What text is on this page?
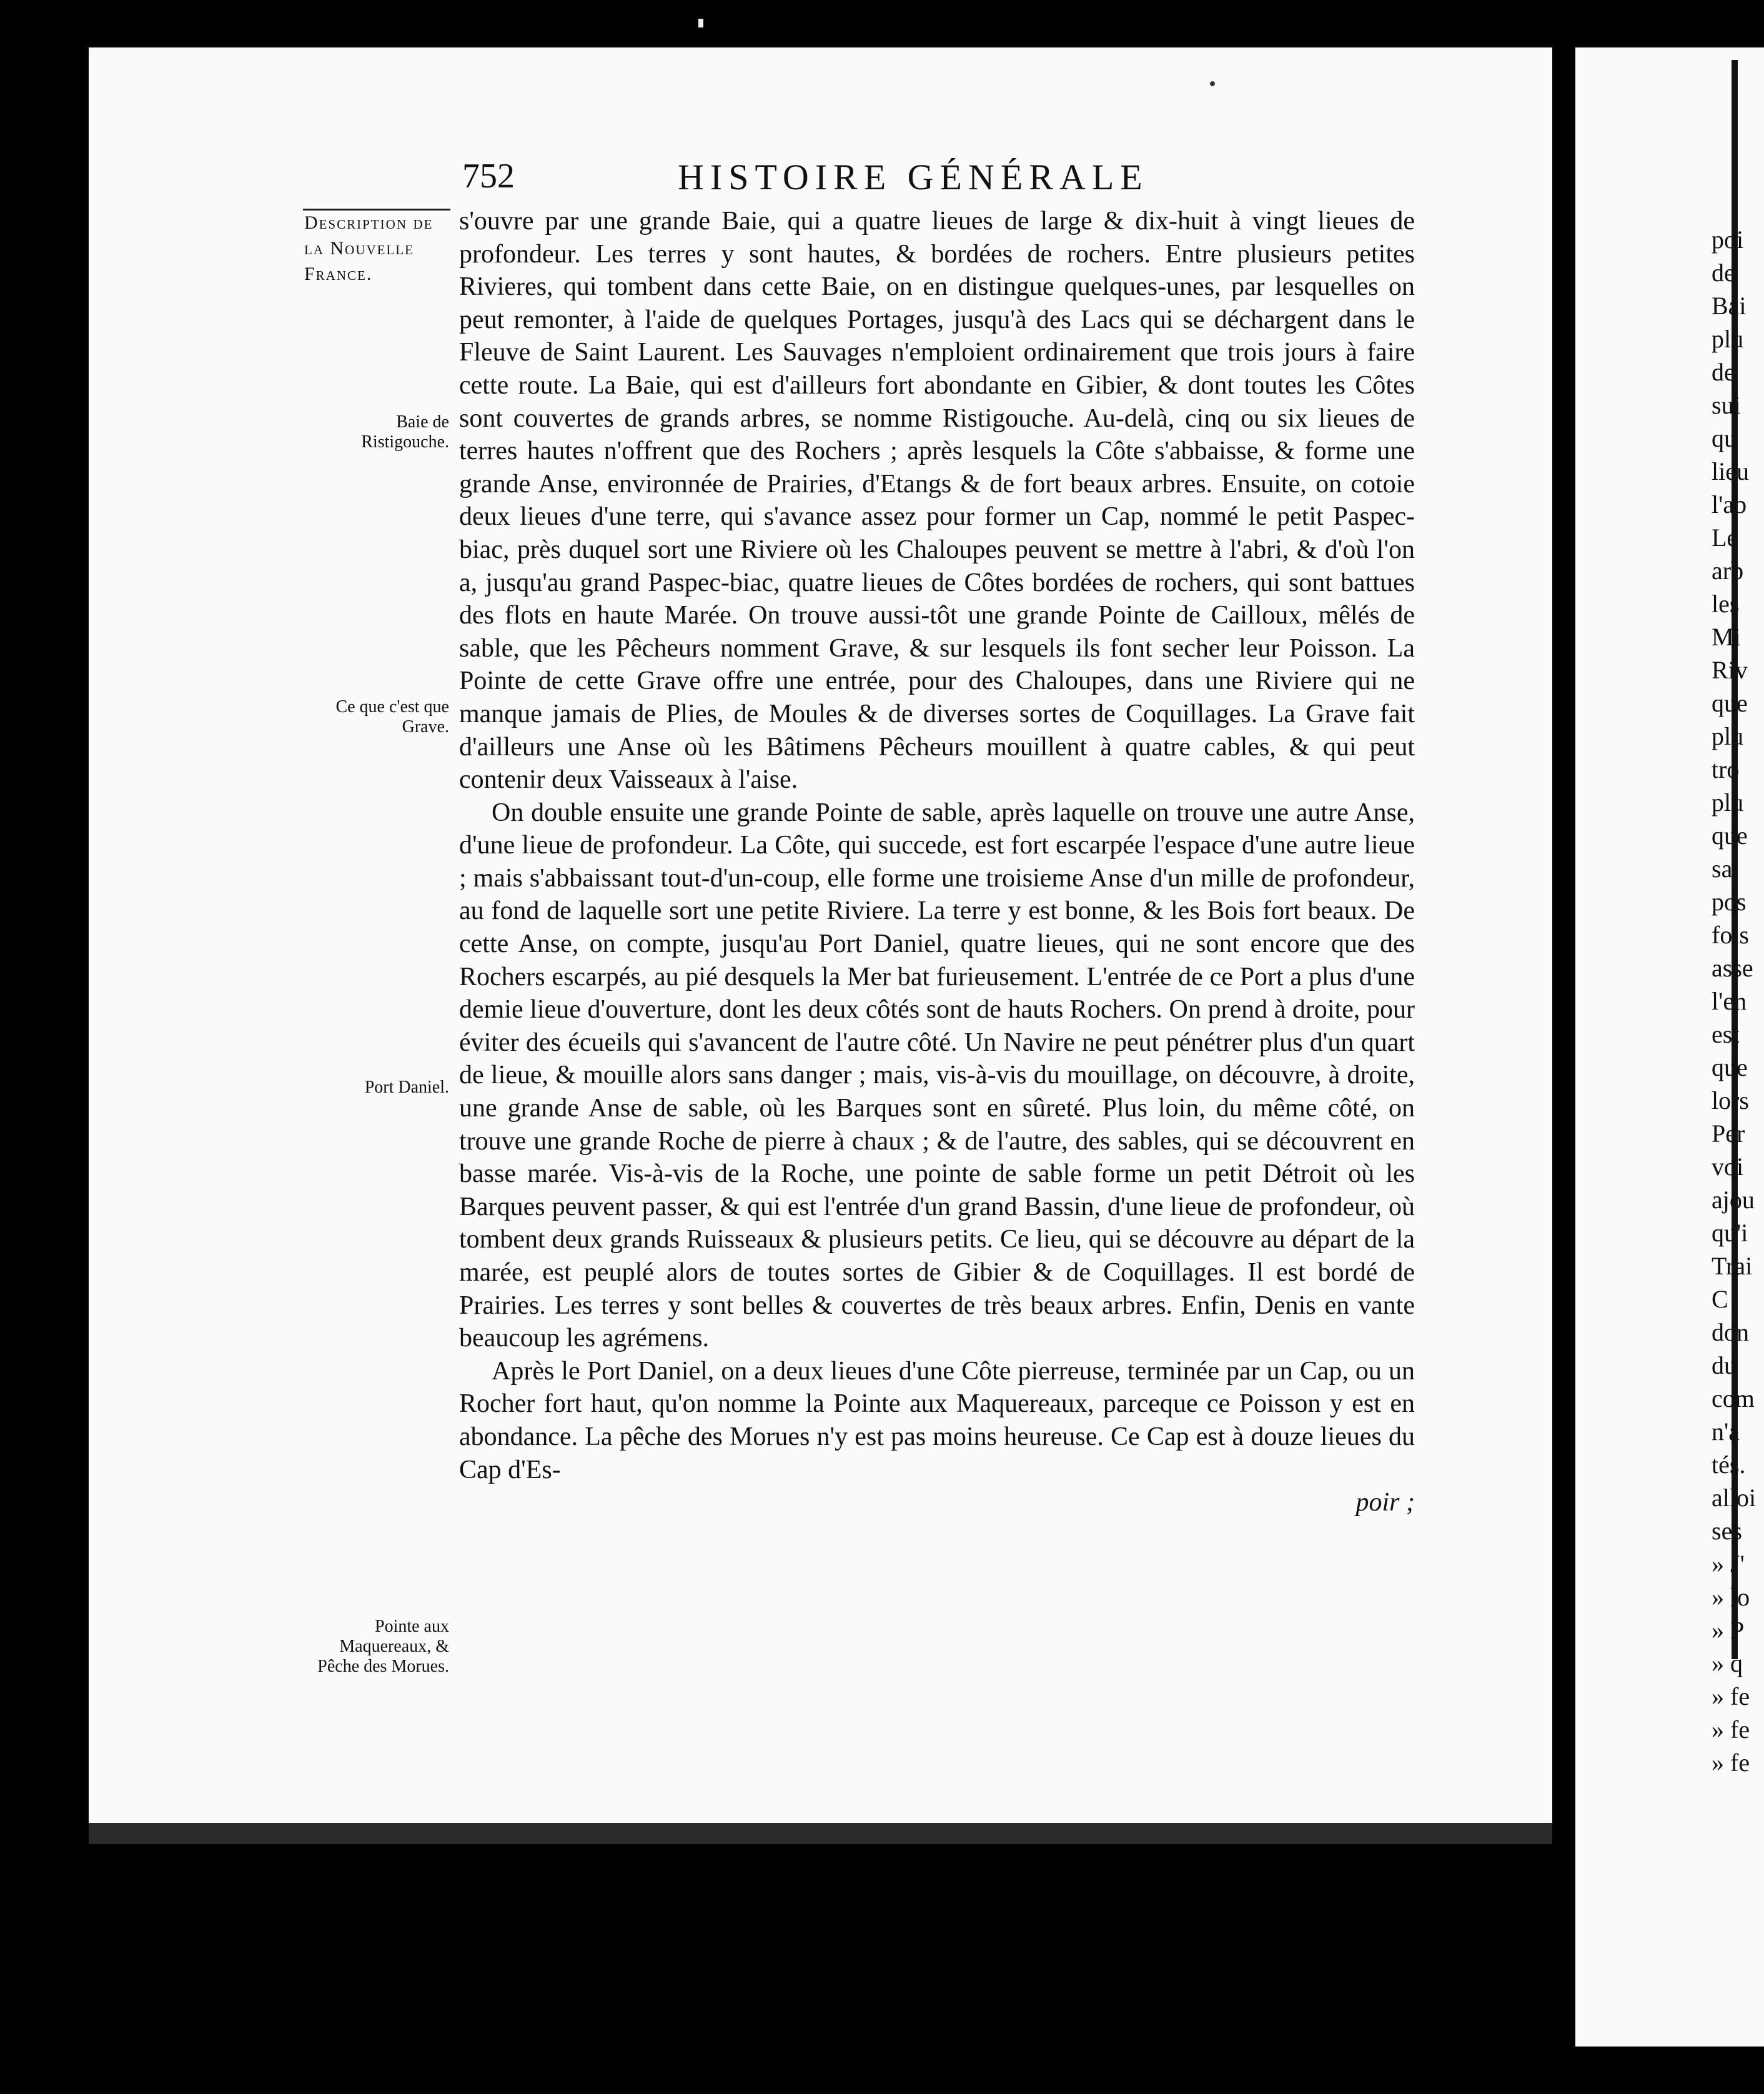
752	HISTOIRE GÉNÉRALE
Description de la Nouvelle France.
Baie de Ristigouche.
Ce que c'est que Grave.
Port Daniel.
Pointe aux Maquereaux, & Pêche des Morues.

s'ouvre par une grande Baie, qui a quatre lieues de large & dix-huit à vingt lieues de profondeur. Les terres y sont hautes, & bordées de rochers. Entre plusieurs petites Rivieres, qui tombent dans cette Baie, on en distingue quelques-unes, par lesquelles on peut remonter, à l'aide de quelques Portages, jusqu'à des Lacs qui se déchargent dans le Fleuve de Saint Laurent. Les Sauvages n'emploient ordinairement que trois jours à faire cette route. La Baie, qui est d'ailleurs fort abondante en Gibier, & dont toutes les Côtes sont couvertes de grands arbres, se nomme Ristigouche. Au-delà, cinq ou six lieues de terres hautes n'offrent que des Rochers ; après lesquels la Côte s'abbaisse, & forme une grande Anse, environnée de Prairies, d'Etangs & de fort beaux arbres. Ensuite, on cotoie deux lieues d'une terre, qui s'avance assez pour former un Cap, nommé le petit Paspec-biac, près duquel sort une Riviere où les Chaloupes peuvent se mettre à l'abri, & d'où l'on a, jusqu'au grand Paspec-biac, quatre lieues de Côtes bordées de rochers, qui sont battues des flots en haute Marée. On trouve aussi-tôt une grande Pointe de Cailloux, mêlés de sable, que les Pêcheurs nomment Grave, & sur lesquels ils font secher leur Poisson. La Pointe de cette Grave offre une entrée, pour des Chaloupes, dans une Riviere qui ne manque jamais de Plies, de Moules & de diverses sortes de Coquillages. La Grave fait d'ailleurs une Anse où les Bâtimens Pêcheurs mouillent à quatre cables, & qui peut contenir deux Vaisseaux à l'aise.

On double ensuite une grande Pointe de sable, après laquelle on trouve une autre Anse, d'une lieue de profondeur. La Côte, qui succede, est fort escarpée l'espace d'une autre lieue ; mais s'abbaissant tout-d'un-coup, elle forme une troisieme Anse d'un mille de profondeur, au fond de laquelle sort une petite Riviere. La terre y est bonne, & les Bois fort beaux. De cette Anse, on compte, jusqu'au Port Daniel, quatre lieues, qui ne sont encore que des Rochers escarpés, au pié desquels la Mer bat furieusement. L'entrée de ce Port a plus d'une demie lieue d'ouverture, dont les deux côtés sont de hauts Rochers. On prend à droite, pour éviter des écueils qui s'avancent de l'autre côté. Un Navire ne peut pénétrer plus d'un quart de lieue, & mouille alors sans danger ; mais, vis-à-vis du mouillage, on découvre, à droite, une grande Anse de sable, où les Barques sont en sûreté. Plus loin, du même côté, on trouve une grande Roche de pierre à chaux ; & de l'autre, des sables, qui se découvrent en basse marée. Vis-à-vis de la Roche, une pointe de sable forme un petit Détroit où les Barques peuvent passer, & qui est l'entrée d'un grand Bassin, d'une lieue de profondeur, où tombent deux grands Ruisseaux & plusieurs petits. Ce lieu, qui se découvre au départ de la marée, est peuplé alors de toutes sortes de Gibier & de Coquillages. Il est bordé de Prairies. Les terres y sont belles & couvertes de très beaux arbres. Enfin, Denis en vante beaucoup les agrémens.

Après le Port Daniel, on a deux lieues d'une Côte pierreuse, terminée par un Cap, ou un Rocher fort haut, qu'on nomme la Pointe aux Maquereaux, parceque ce Poisson y est en abondance. La pêche des Morues n'y est pas moins heureuse. Ce Cap est à douze lieues du Cap d'Es-

poir ;

poi
de
Bai
plu
de
sui
qu
lieu
l'ab
Le
arb
les
Mi
Riv
que
plu
tro
plu
que
sa
pos
fois
asse
l'en
est
que
lors
Per
voi
ajou
qu'i
Trai
C
don
du
com
n'a
tés.
alloi
ses
» J'
» lo
» P
» q
» fe
» fe
» fe
